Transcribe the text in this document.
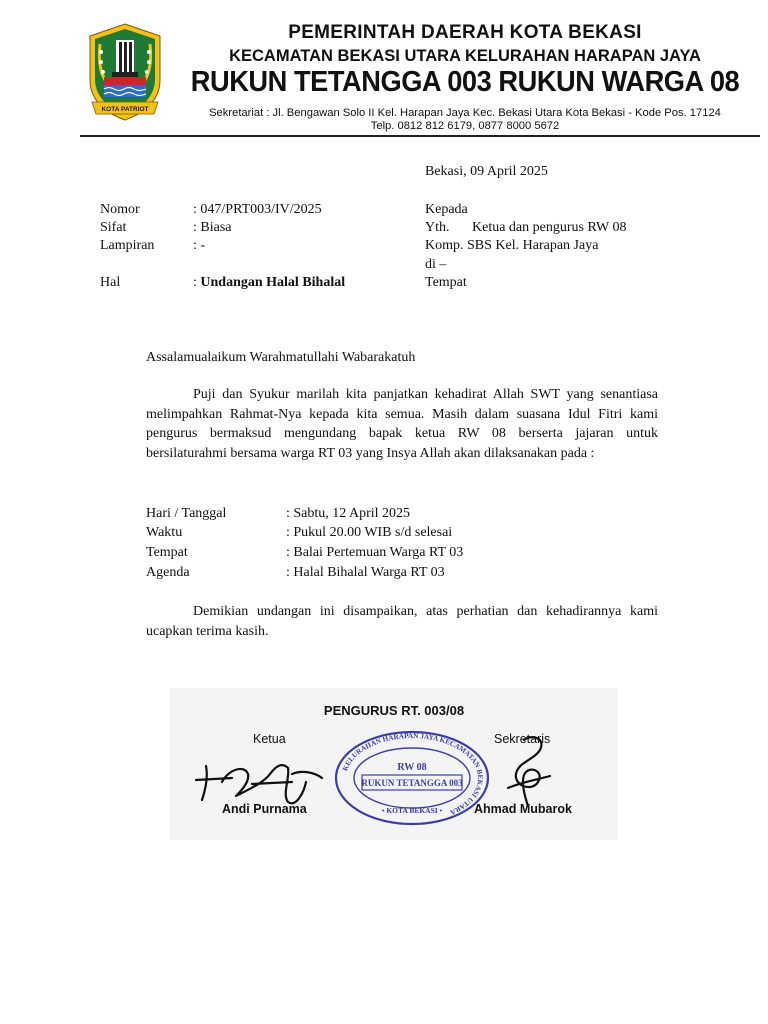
KOTA PATRIOT
PEMERINTAH DAERAH KOTA BEKASI
KECAMATAN BEKASI UTARA KELURAHAN HARAPAN JAYA
RUKUN TETANGGA 003 RUKUN WARGA 08
Sekretariat : Jl. Bengawan Solo II Kel. Harapan Jaya Kec. Bekasi Utara Kota Bekasi - Kode Pos. 17124
Telp. 0812 812 6179, 0877 8000 5672
Bekasi, 09 April 2025
Nomor	: 047/PRT003/IV/2025
Sifat	: Biasa
Lampiran	: -
Hal	: Undangan Halal Bihalal
Kepada
Yth. Ketua dan pengurus RW 08
Komp. SBS Kel. Harapan Jaya
di –
Tempat
Assalamualaikum Warahmatullahi Wabarakatuh
Puji dan Syukur marilah kita panjatkan kehadirat Allah SWT yang senantiasa melimpahkan Rahmat-Nya kepada kita semua. Masih dalam suasana Idul Fitri kami pengurus bermaksud mengundang bapak ketua RW 08 berserta jajaran untuk bersilaturahmi bersama warga RT 03 yang Insya Allah akan dilaksanakan pada :
Hari / Tanggal	: Sabtu, 12 April 2025
Waktu	: Pukul 20.00 WIB s/d selesai
Tempat	: Balai Pertemuan Warga RT 03
Agenda	: Halal Bihalal Warga RT 03
Demikian undangan ini disampaikan, atas perhatian dan kehadirannya kami ucapkan terima kasih.
PENGURUS RT. 003/08
Ketua	Sekretaris
KELURAHAN HARAPAN JAYA KECAMATAN BEKASI UTARA
RW 08
RUKUN TETANGGA 003
• KOTA BEKASI •
Andi Purnama	Ahmad Mubarok
